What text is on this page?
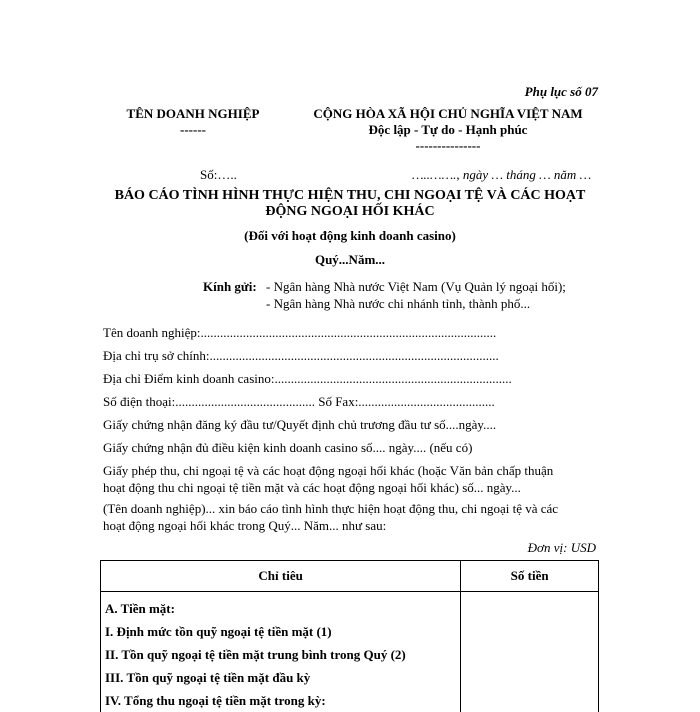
Phụ lục số 07
TÊN DOANH NGHIỆP
------
CỘNG HÒA XÃ HỘI CHỦ NGHĨA VIỆT NAM
Độc lập - Tự do - Hạnh phúc
---------------
Số:…..	…..……., ngày … tháng … năm …
BÁO CÁO TÌNH HÌNH THỰC HIỆN THU, CHI NGOẠI TỆ VÀ CÁC HOẠT
ĐỘNG NGOẠI HỐI KHÁC
(Đối với hoạt động kinh doanh casino)
Quý...Năm...
Kính gửi: - Ngân hàng Nhà nước Việt Nam (Vụ Quản lý ngoại hối);
- Ngân hàng Nhà nước chi nhánh tỉnh, thành phố...
Tên doanh nghiệp:...........................................................................................
Địa chỉ trụ sở chính:.........................................................................................
Địa chỉ Điểm kinh doanh casino:.........................................................................
Số điện thoại:........................................... Số Fax:..........................................
Giấy chứng nhận đăng ký đầu tư/Quyết định chủ trương đầu tư số....ngày....
Giấy chứng nhận đủ điều kiện kinh doanh casino số.... ngày.... (nếu có)
Giấy phép thu, chi ngoại tệ và các hoạt động ngoại hối khác (hoặc Văn bản chấp thuận
hoạt động thu chi ngoại tệ tiền mặt và các hoạt động ngoại hối khác) số... ngày...
(Tên doanh nghiệp)... xin báo cáo tình hình thực hiện hoạt động thu, chi ngoại tệ và các
hoạt động ngoại hối khác trong Quý... Năm... như sau:
Đơn vị: USD
Chỉ tiêu	Số tiền
A. Tiền mặt:	
I. Định mức tồn quỹ ngoại tệ tiền mặt (1)	
II. Tồn quỹ ngoại tệ tiền mặt trung bình trong Quý (2)	
III. Tồn quỹ ngoại tệ tiền mặt đầu kỳ	
IV. Tổng thu ngoại tệ tiền mặt trong kỳ:	
